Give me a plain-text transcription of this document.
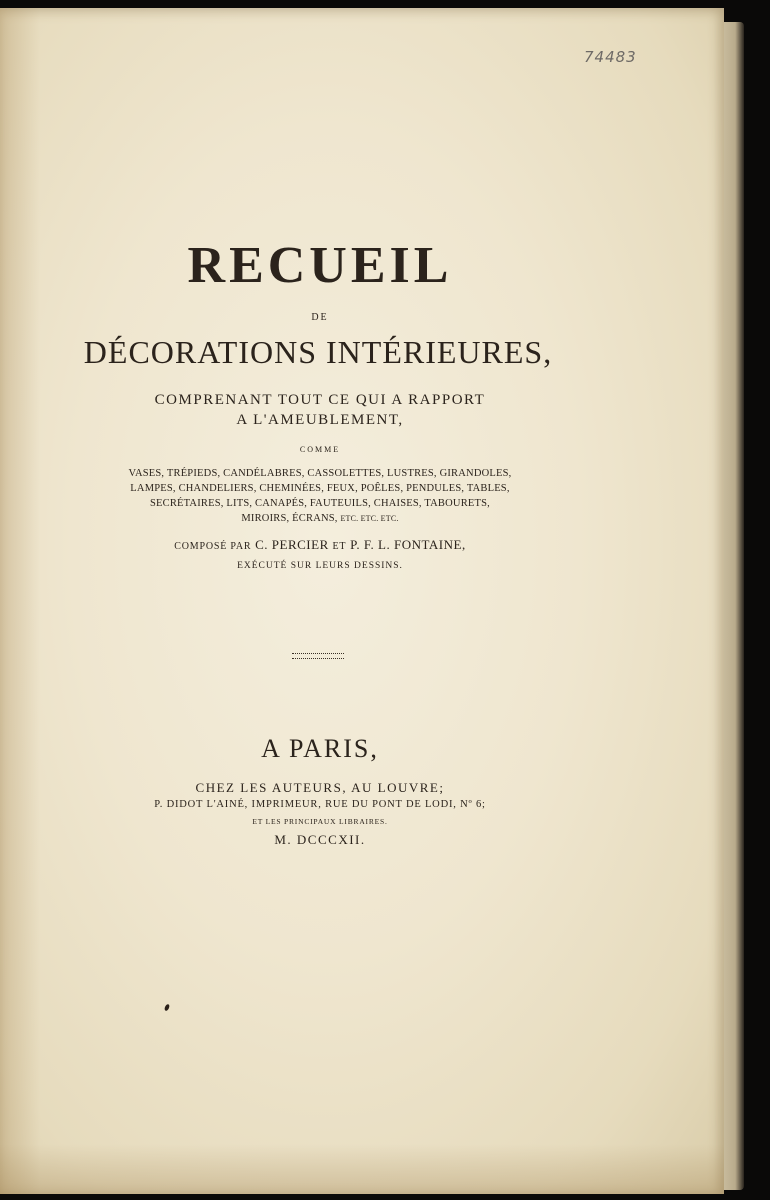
74483
RECUEIL
DE
DÉCORATIONS INTÉRIEURES,
COMPRENANT TOUT CE QUI A RAPPORT
A L'AMEUBLEMENT,
COMME
VASES, TRÉPIEDS, CANDÉLABRES, CASSOLETTES, LUSTRES, GIRANDOLES,
LAMPES, CHANDELIERS, CHEMINÉES, FEUX, POÊLES, PENDULES, TABLES,
SECRÉTAIRES, LITS, CANAPÉS, FAUTEUILS, CHAISES, TABOURETS,
MIROIRS, ÉCRANS, ETC. ETC. ETC.
COMPOSÉ PAR C. PERCIER ET P. F. L. FONTAINE,
EXÉCUTÉ SUR LEURS DESSINS.
A PARIS,
CHEZ LES AUTEURS, AU LOUVRE;
P. DIDOT L'AINÉ, IMPRIMEUR, RUE DU PONT DE LODI, Nº 6;
ET LES PRINCIPAUX LIBRAIRES.
M. DCCCXII.
